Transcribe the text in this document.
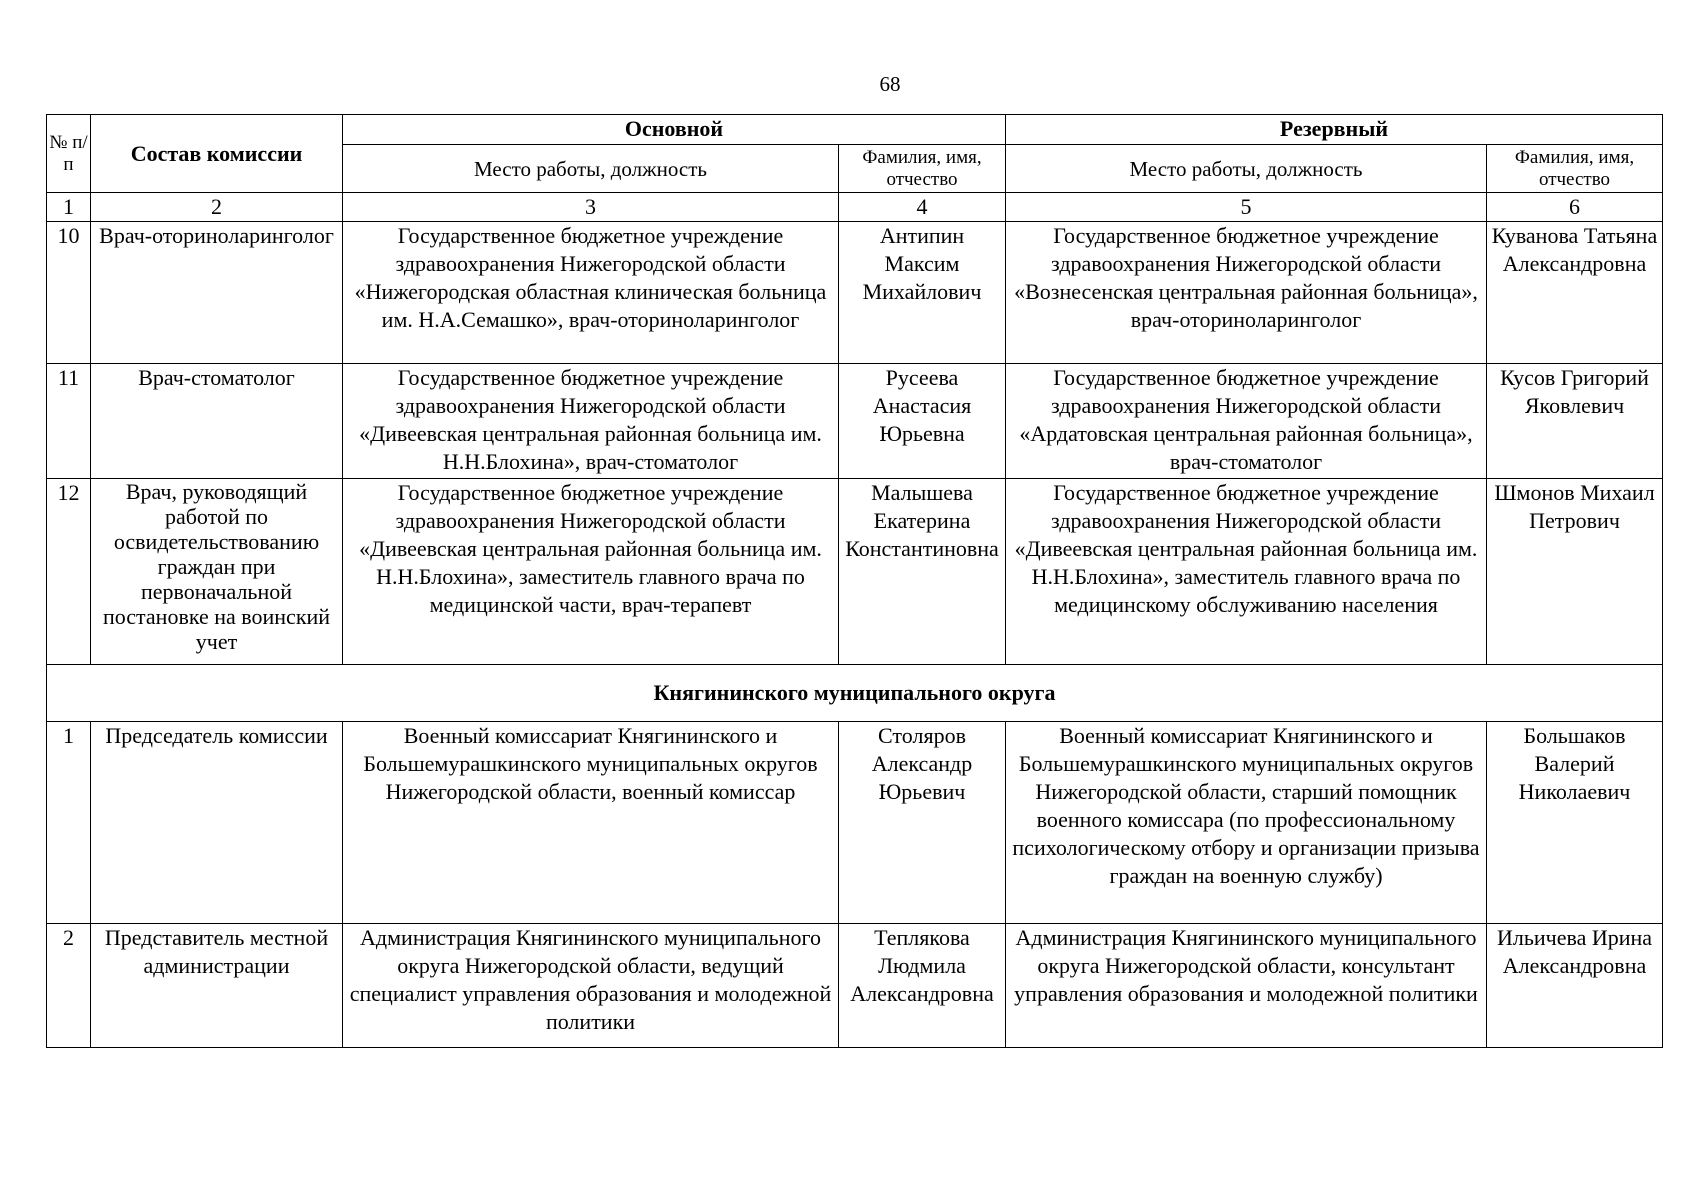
68
№ п/п	Состав комиссии	Основной		Резервный	
		Место работы, должность	Фамилия, имя, отчество	Место работы, должность	Фамилия, имя, отчество
1	2	3	4	5	6
10	Врач-оториноларинголог	Государственное бюджетное учреждение здравоохранения Нижегородской области «Нижегородская областная клиническая больница им. Н.А.Семашко», врач-оториноларинголог	Антипин Максим Михайлович	Государственное бюджетное учреждение здравоохранения Нижегородской области «Вознесенская центральная районная больница», врач-оториноларинголог	Куванова Татьяна Александровна
11	Врач-стоматолог	Государственное бюджетное учреждение здравоохранения Нижегородской области «Дивеевская центральная районная больница им. Н.Н.Блохина», врач-стоматолог	Русеева Анастасия Юрьевна	Государственное бюджетное учреждение здравоохранения Нижегородской области «Ардатовская центральная районная больница», врач-стоматолог	Кусов Григорий Яковлевич
12	Врач, руководящий работой по освидетельствованию граждан при первоначальной постановке на воинский учет	Государственное бюджетное учреждение здравоохранения Нижегородской области «Дивеевская центральная районная больница им. Н.Н.Блохина», заместитель главного врача по медицинской части, врач-терапевт	Малышева Екатерина Константиновна	Государственное бюджетное учреждение здравоохранения Нижегородской области «Дивеевская центральная районная больница им. Н.Н.Блохина», заместитель главного врача по медицинскому обслуживанию населения	Шмонов Михаил Петрович
Княгининского муниципального округа					
1	Председатель комиссии	Военный комиссариат Княгининского и Большемурашкинского муниципальных округов Нижегородской области, военный комиссар	Столяров Александр Юрьевич	Военный комиссариат Княгининского и Большемурашкинского муниципальных округов Нижегородской области, старший помощник военного комиссара (по профессиональному психологическому отбору и организации призыва граждан на военную службу)	Большаков Валерий Николаевич
2	Представитель местной администрации	Администрация Княгининского муниципального округа Нижегородской области, ведущий специалист управления образования и молодежной политики	Теплякова Людмила Александровна	Администрация Княгининского муниципального округа Нижегородской области, консультант управления образования и молодежной политики	Ильичева Ирина Александровна
